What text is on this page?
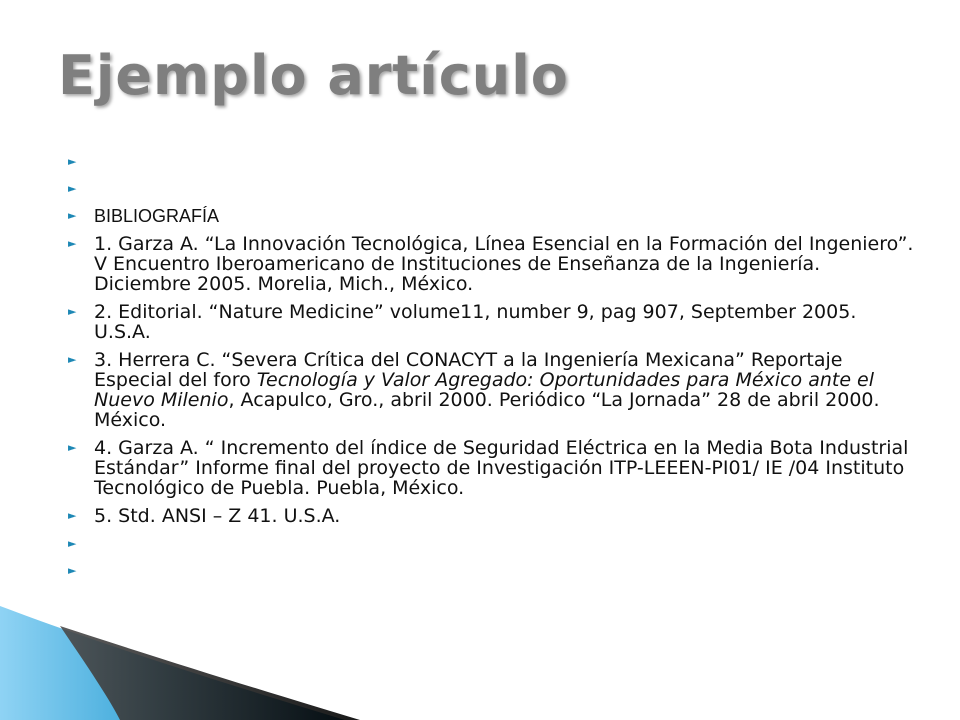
Ejemplo artículo
►
►
► BIBLIOGRAFÍA
► 1. Garza A. “La Innovación Tecnológica, Línea Esencial en la Formación del Ingeniero”. V Encuentro Iberoamericano de Instituciones de Enseñanza de la Ingeniería. Diciembre 2005. Morelia, Mich., México.
► 2. Editorial. “Nature Medicine” volume11, number 9, pag 907, September 2005. U.S.A.
► 3. Herrera C. “Severa Crítica del CONACYT a la Ingeniería Mexicana” Reportaje Especial del foro Tecnología y Valor Agregado: Oportunidades para México ante el Nuevo Milenio, Acapulco, Gro., abril 2000. Periódico “La Jornada” 28 de abril 2000. México.
► 4. Garza A. “ Incremento del índice de Seguridad Eléctrica en la Media Bota Industrial Estándar” Informe final del proyecto de Investigación ITP-LEEEN-PI01/ IE /04 Instituto Tecnológico de Puebla. Puebla, México.
► 5. Std. ANSI – Z 41. U.S.A.
►
►
